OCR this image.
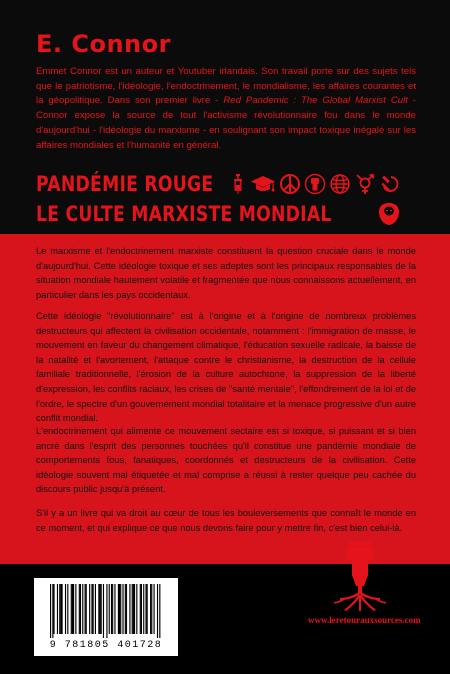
E. Connor

Emmet Connor est un auteur et Youtuber irlandais. Son travail porte sur des sujets tels que le patriotisme, l'idéologie, l'endoctrinement, le mondialisme, les affaires courantes et la géopolitique. Dans son premier livre - Red Pandemic : The Global Marxist Cult - Connor expose la source de tout l'activisme révolutionnaire fou dans le monde d'aujourd'hui - l'idéologie du marxisme - en soulignant son impact toxique inégalé sur les affaires mondiales et l'humanité en général.

PANDÉMIE ROUGE
LE CULTE MARXISTE MONDIAL

Le marxisme et l'endoctrinement marxiste constituent la question cruciale dans le monde d'aujourd'hui. Cette idéologie toxique et ses adeptes sont les principaux responsables de la situation mondiale hautement volatile et fragmentée que nous connaissons actuellement, en particulier dans les pays occidentaux.

Cette idéologie "révolutionnaire" est à l'origine et à l'origine de nombreux problèmes destructeurs qui affectent la civilisation occidentale, notamment : l'immigration de masse, le mouvement en faveur du changement climatique, l'éducation sexuelle radicale, la baisse de la natalité et l'avortement, l'attaque contre le christianisme, la destruction de la cellule familiale traditionnelle, l'érosion de la culture autochtone, la suppression de la liberté d'expression, les conflits raciaux, les crises de "santé mentale", l'effondrement de la loi et de l'ordre, le spectre d'un gouvernement mondial totalitaire et la menace progressive d'un autre conflit mondial.

L'endoctrinement qui alimente ce mouvement sectaire est si toxique, si puissant et si bien ancré dans l'esprit des personnes touchées qu'il constitue une pandémie mondiale de comportements fous, fanatiques, coordonnés et destructeurs de la civilisation. Cette idéologie souvent mal étiquetée et mal comprise a réussi à rester quelque peu cachée du discours public jusqu'à présent.

S'il y a un livre qui va droit au cœur de tous les bouleversements que connaît le monde en ce moment, et qui explique ce que nous devons faire pour y mettre fin, c'est bien celui-là.

9 781805 401728

www.leretourauxsources.com
